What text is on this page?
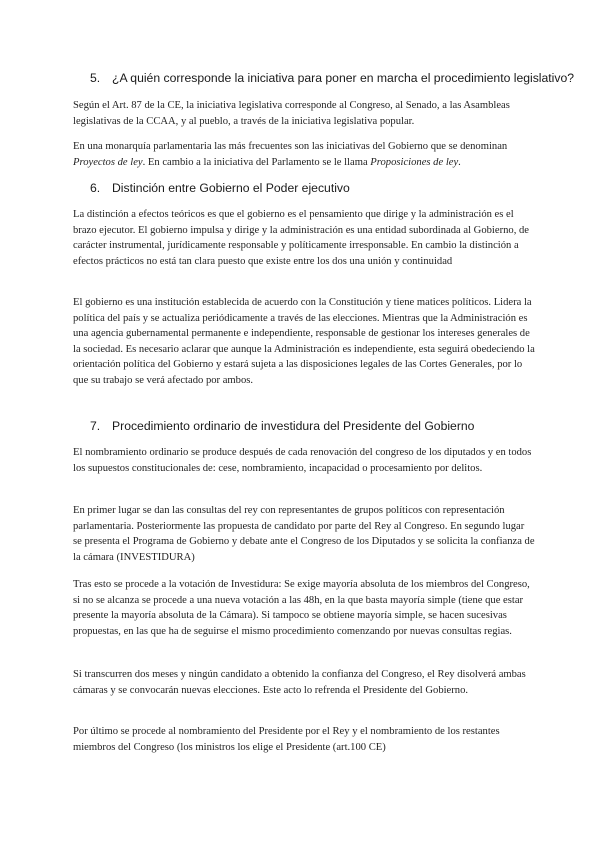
5. ¿A quién corresponde la iniciativa para poner en marcha el procedimiento legislativo?
Según el Art. 87 de la CE, la iniciativa legislativa corresponde al Congreso, al Senado, a las Asambleas legislativas de la CCAA, y al pueblo, a través de la iniciativa legislativa popular.
En una monarquía parlamentaria las más frecuentes son las iniciativas del Gobierno que se denominan Proyectos de ley. En cambio a la iniciativa del Parlamento se le llama Proposiciones de ley.
6. Distinción entre Gobierno el Poder ejecutivo
La distinción a efectos teóricos es que el gobierno es el pensamiento que dirige y la administración es el brazo ejecutor. El gobierno impulsa y dirige y la administración es una entidad subordinada al Gobierno, de carácter instrumental, jurídicamente responsable y políticamente irresponsable. En cambio la distinción a efectos prácticos no está tan clara puesto que existe entre los dos una unión y continuidad
El gobierno es una institución establecida de acuerdo con la Constitución y tiene matices políticos. Lidera la política del país y se actualiza periódicamente a través de las elecciones. Mientras que la Administración es una agencia gubernamental permanente e independiente, responsable de gestionar los intereses generales de la sociedad. Es necesario aclarar que aunque la Administración es independiente, esta seguirá obedeciendo la orientación política del Gobierno y estará sujeta a las disposiciones legales de las Cortes Generales, por lo que su trabajo se verá afectado por ambos.
7. Procedimiento ordinario de investidura del Presidente del Gobierno
El nombramiento ordinario se produce después de cada renovación del congreso de los diputados y en todos los supuestos constitucionales de: cese, nombramiento, incapacidad o procesamiento por delitos.
En primer lugar se dan las consultas del rey con representantes de grupos políticos con representación parlamentaria. Posteriormente las propuesta de candidato por parte del Rey al Congreso. En segundo lugar se presenta el Programa de Gobierno y debate ante el Congreso de los Diputados y se solicita la confianza de la cámara (INVESTIDURA)
Tras esto se procede a la votación de Investidura: Se exige mayoría absoluta de los miembros del Congreso, si no se alcanza se procede a una nueva votación a las 48h, en la que basta mayoría simple (tiene que estar presente la mayoría absoluta de la Cámara). Si tampoco se obtiene mayoría simple, se hacen sucesivas propuestas, en las que ha de seguirse el mismo procedimiento comenzando por nuevas consultas regias.
Si transcurren dos meses y ningún candidato a obtenido la confianza del Congreso, el Rey disolverá ambas cámaras y se convocarán nuevas elecciones. Este acto lo refrenda el Presidente del Gobierno.
Por último se procede al nombramiento del Presidente por el Rey y el nombramiento de los restantes miembros del Congreso (los ministros los elige el Presidente (art.100 CE)
